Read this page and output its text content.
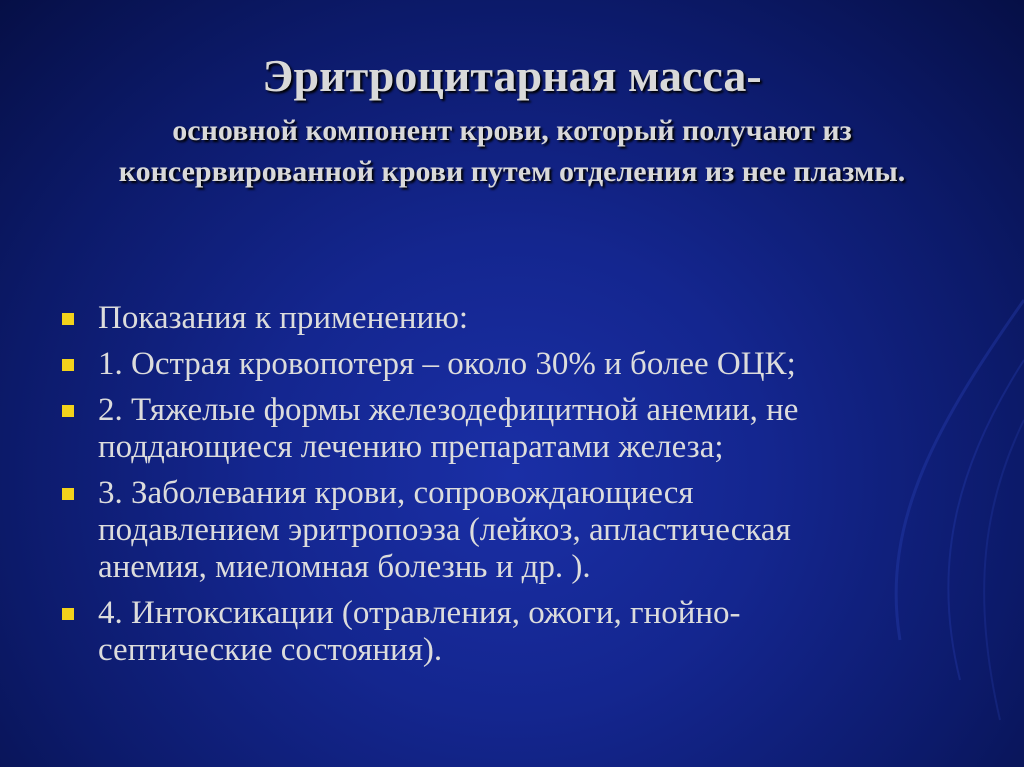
Эритроцитарная масса-

основной компонент крови, который получают из
консервированной крови путем отделения из нее плазмы.

Показания к применению:
1. Острая кровопотеря – около 30% и более ОЦК;
2. Тяжелые формы железодефицитной анемии, не
поддающиеся лечению препаратами железа;
3. Заболевания крови, сопровождающиеся
подавлением эритропоэза (лейкоз, апластическая
анемия, миеломная болезнь и др. ).
4. Интоксикации (отравления, ожоги, гнойно-
септические состояния).
